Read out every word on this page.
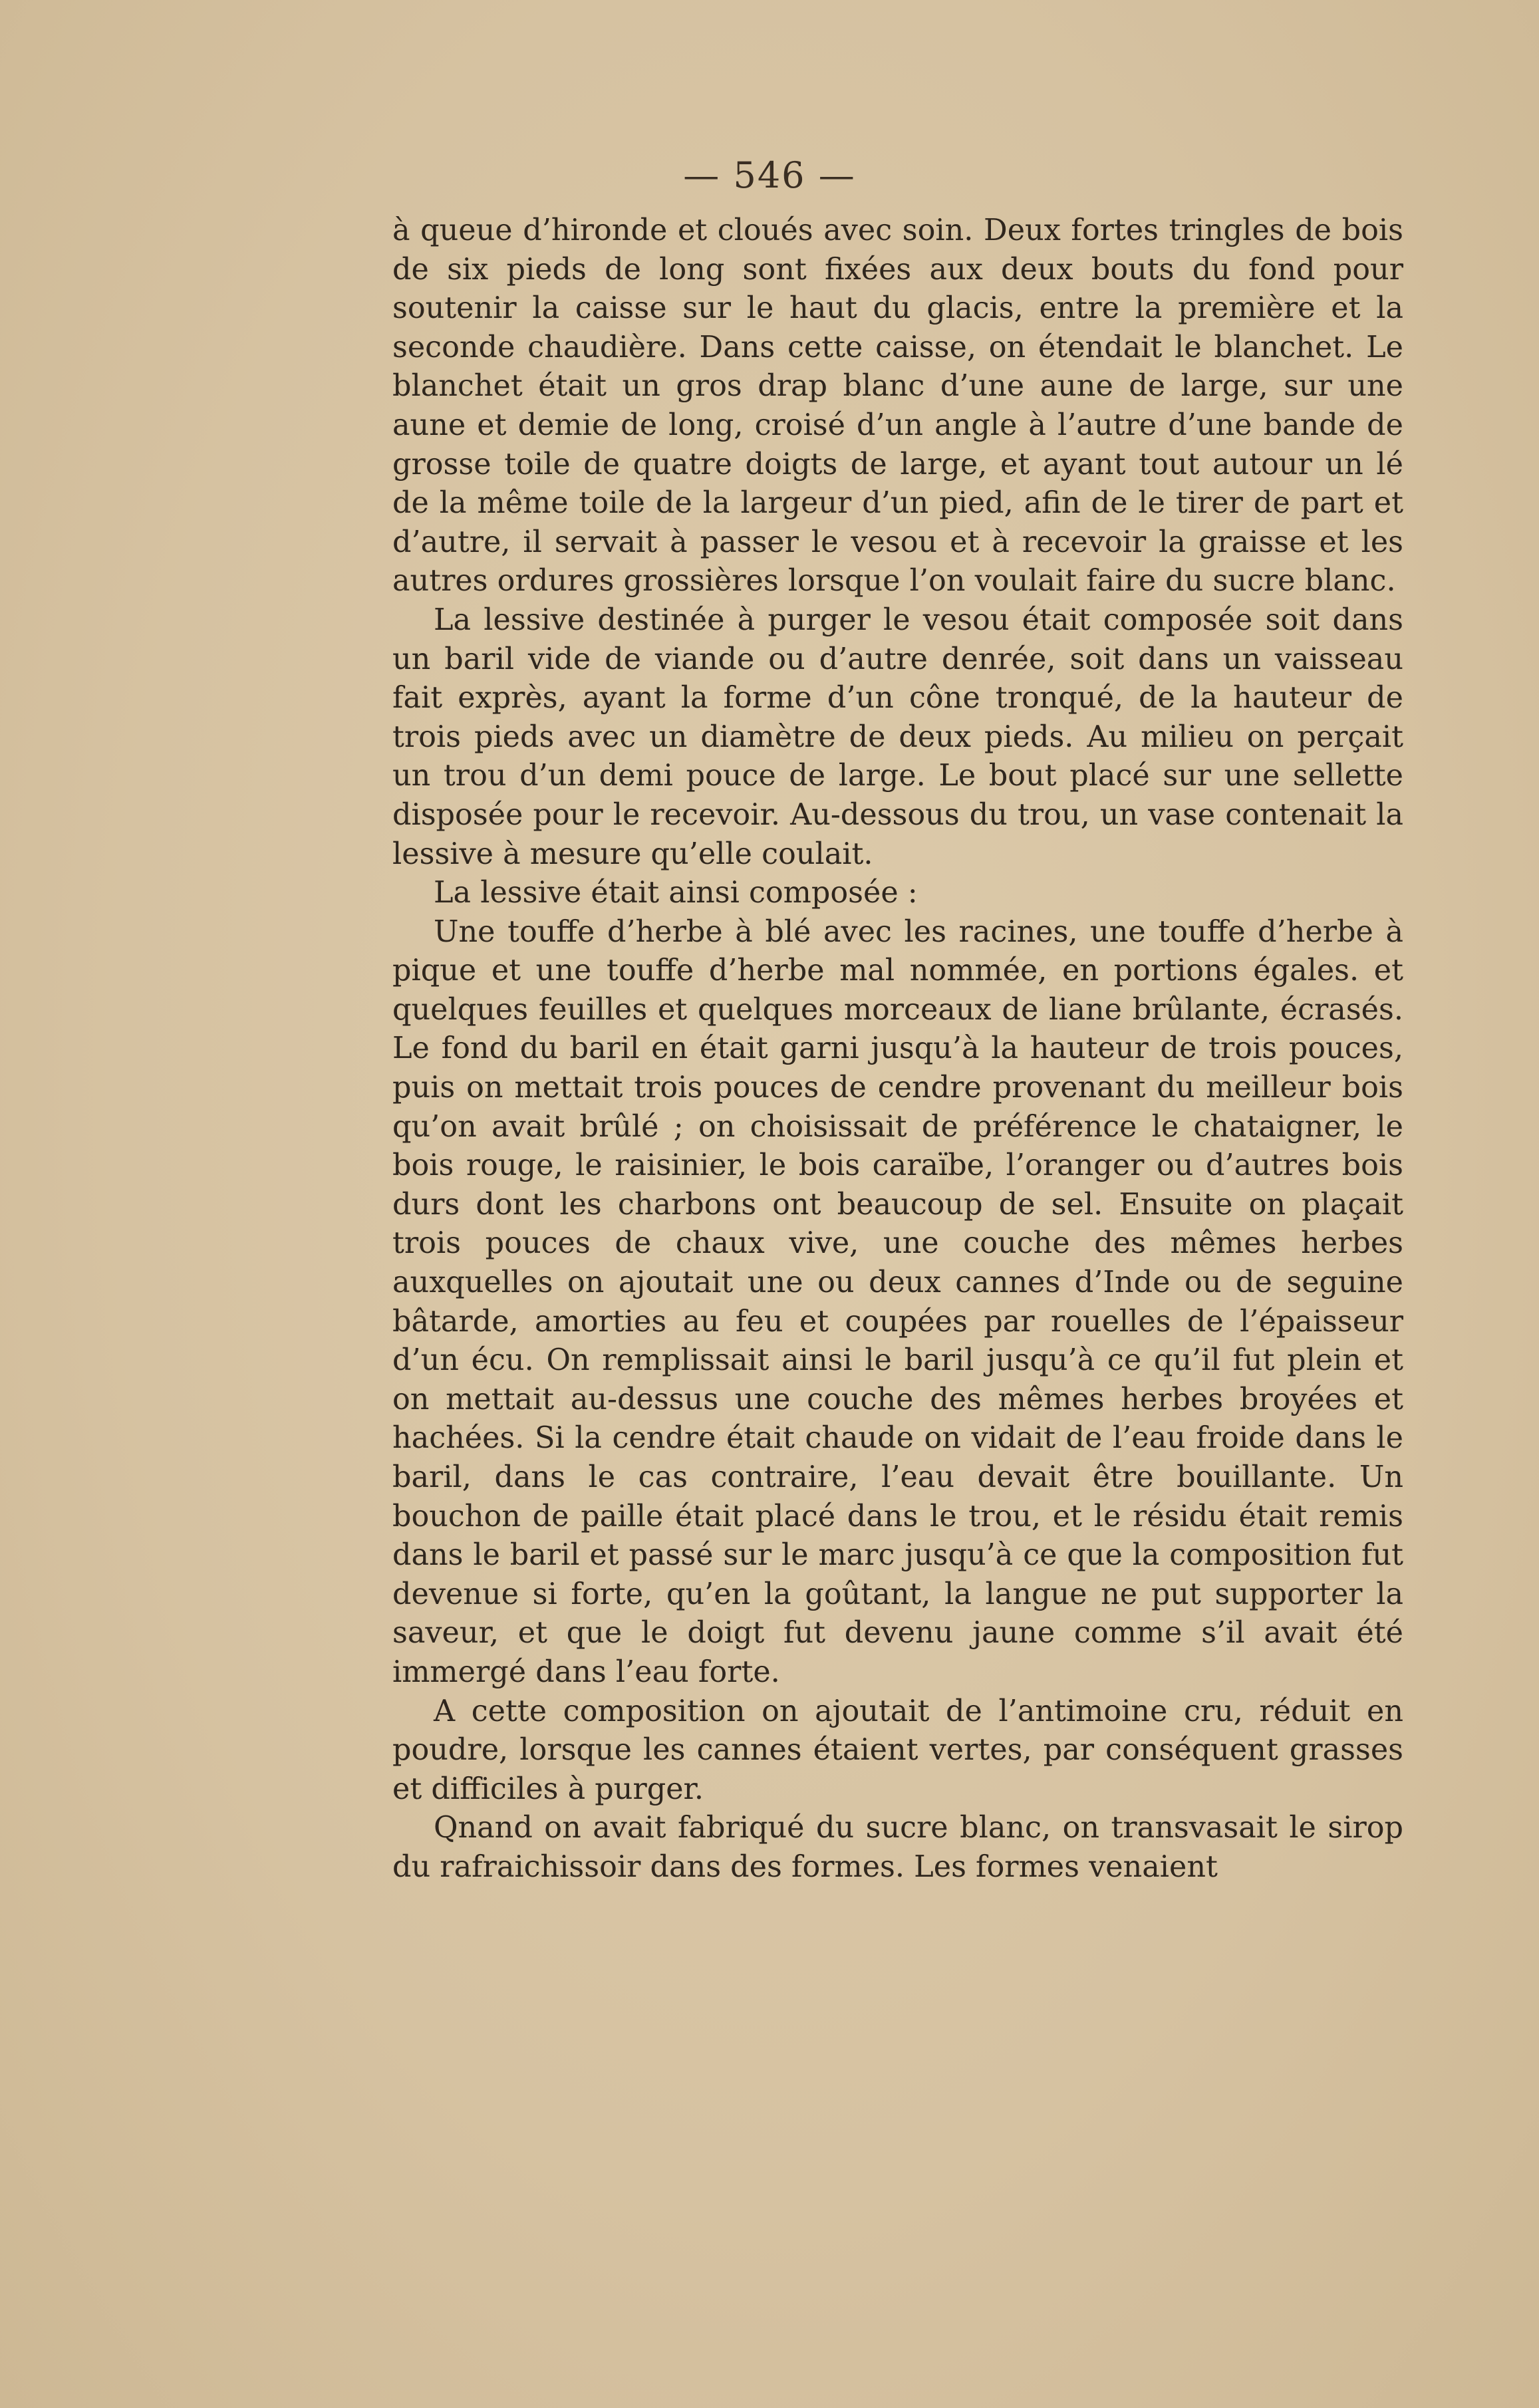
— 546 —

à queue d’hironde et cloués avec soin. Deux fortes tringles de bois de six pieds de long sont fixées aux deux bouts du fond pour soutenir la caisse sur le haut du glacis, entre la première et la seconde chaudière. Dans cette caisse, on étendait le blanchet. Le blanchet était un gros drap blanc d’une aune de large, sur une aune et demie de long, croisé d’un angle à l’autre d’une bande de grosse toile de quatre doigts de large, et ayant tout autour un lé de la même toile de la largeur d’un pied, afin de le tirer de part et d’autre, il servait à passer le vesou et à recevoir la graisse et les autres ordures grossières lorsque l’on voulait faire du sucre blanc.

La lessive destinée à purger le vesou était composée soit dans un baril vide de viande ou d’autre denrée, soit dans un vaisseau fait exprès, ayant la forme d’un cône tronqué, de la hauteur de trois pieds avec un diamètre de deux pieds. Au milieu on perçait un trou d’un demi pouce de large. Le bout placé sur une sellette disposée pour le recevoir. Au-dessous du trou, un vase contenait la lessive à mesure qu’elle coulait.

La lessive était ainsi composée :

Une touffe d’herbe à blé avec les racines, une touffe d’herbe à pique et une touffe d’herbe mal nommée, en portions égales. et quelques feuilles et quelques morceaux de liane brûlante, écrasés. Le fond du baril en était garni jusqu’à la hauteur de trois pouces, puis on mettait trois pouces de cendre provenant du meilleur bois qu’on avait brûlé ; on choisissait de préférence le chataigner, le bois rouge, le raisinier, le bois caraïbe, l’oranger ou d’autres bois durs dont les charbons ont beaucoup de sel. Ensuite on plaçait trois pouces de chaux vive, une couche des mêmes herbes auxquelles on ajoutait une ou deux cannes d’Inde ou de seguine bâtarde, amorties au feu et coupées par rouelles de l’épaisseur d’un écu. On remplissait ainsi le baril jusqu’à ce qu’il fut plein et on mettait au-dessus une couche des mêmes herbes broyées et hachées. Si la cendre était chaude on vidait de l’eau froide dans le baril, dans le cas contraire, l’eau devait être bouillante. Un bouchon de paille était placé dans le trou, et le résidu était remis dans le baril et passé sur le marc jusqu’à ce que la composition fut devenue si forte, qu’en la goûtant, la langue ne put supporter la saveur, et que le doigt fut devenu jaune comme s’il avait été immergé dans l’eau forte.

A cette composition on ajoutait de l’antimoine cru, réduit en poudre, lorsque les cannes étaient vertes, par conséquent grasses et difficiles à purger.

Qnand on avait fabriqué du sucre blanc, on transvasait le sirop du rafraichissoir dans des formes. Les formes venaient
